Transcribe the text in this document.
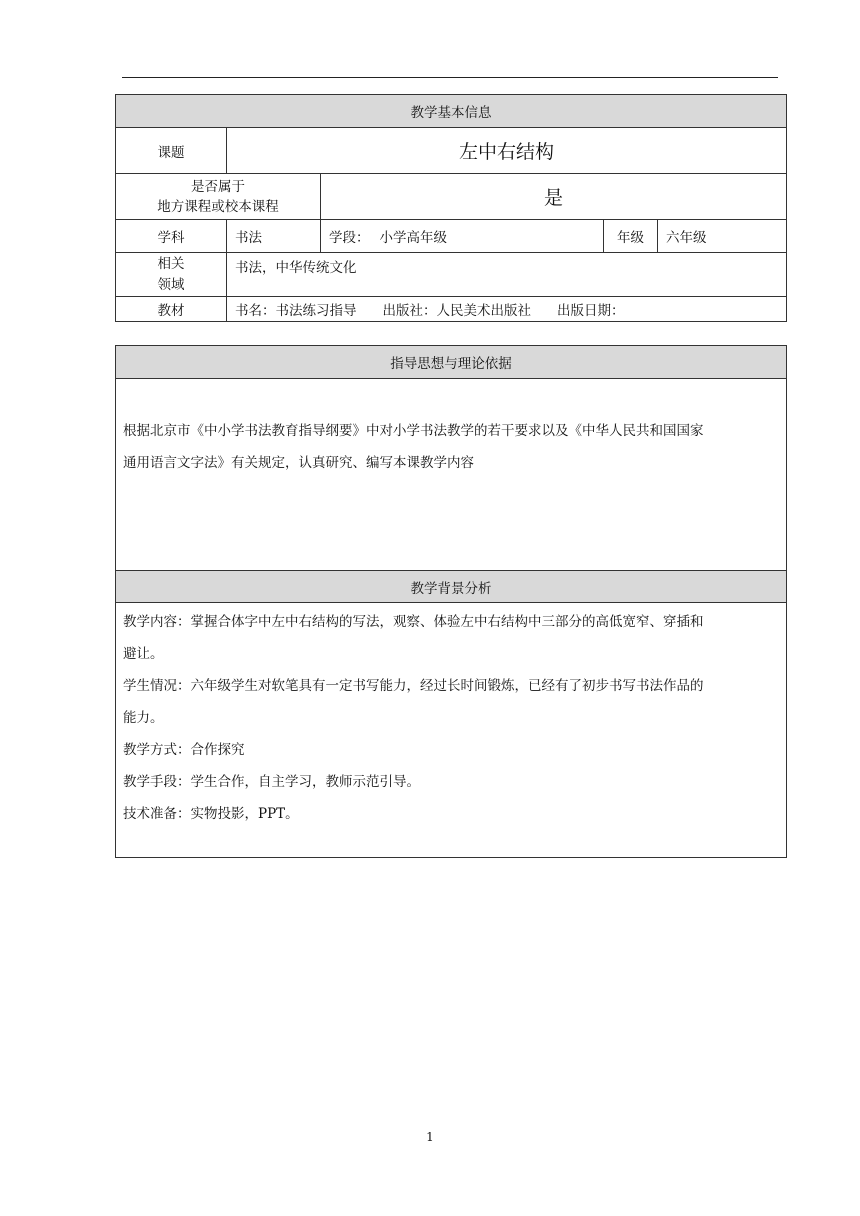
教学基本信息				
课题	左中右结构			
是否属于
地方课程或校本课程		是		
学科	书法	学段： 小学高年级	年级	六年级
相关
领域	书法，中华传统文化			
教材	书名：书法练习指导 出版社：人民美术出版社 出版日期：			
指导思想与理论依据

根据北京市《中小学书法教育指导纲要》中对小学书法教学的若干要求以及《中华人民共和国国家

通用语言文字法》有关规定，认真研究、编写本课教学内容

教学背景分析

教学内容：掌握合体字中左中右结构的写法，观察、体验左中右结构中三部分的高低宽窄、穿插和

避让。

学生情况：六年级学生对软笔具有一定书写能力，经过长时间锻炼，已经有了初步书写书法作品的

能力。

教学方式：合作探究

教学手段：学生合作，自主学习，教师示范引导。

技术准备：实物投影，PPT。

1
